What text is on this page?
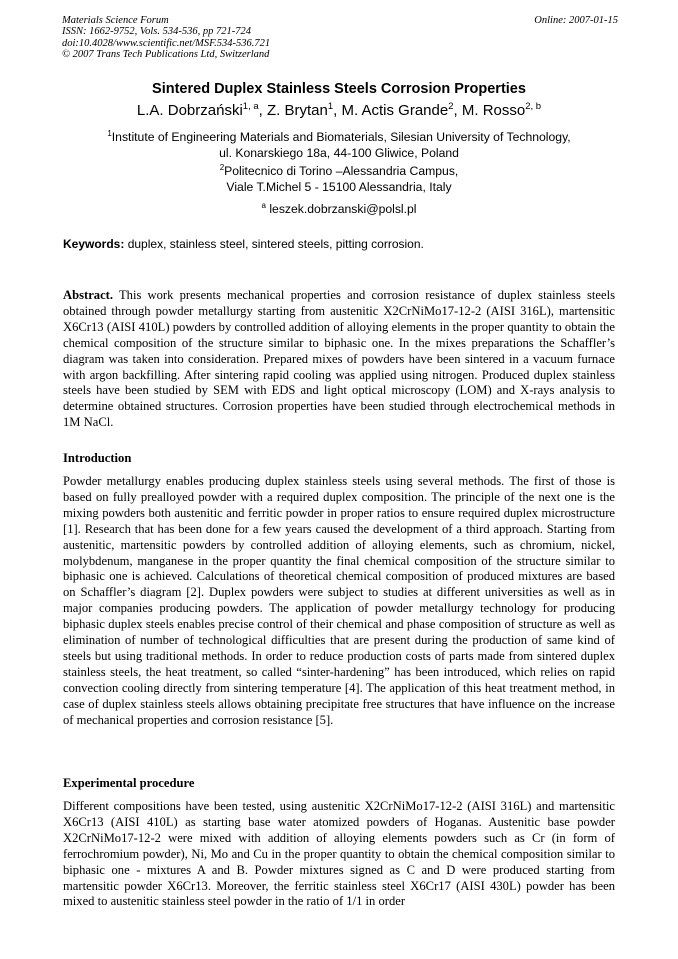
Materials Science Forum
ISSN: 1662-9752, Vols. 534-536, pp 721-724
doi:10.4028/www.scientific.net/MSF.534-536.721
© 2007 Trans Tech Publications Ltd, Switzerland
Online: 2007-01-15
Sintered Duplex Stainless Steels Corrosion Properties
L.A. Dobrzański$^{1, a}$, Z. Brytan$^1$, M. Actis Grande$^2$, M. Rosso$^{2, b}$
$^1$Institute of Engineering Materials and Biomaterials, Silesian University of Technology,
ul. Konarskiego 18a, 44-100 Gliwice, Poland
$^2$Politecnico di Torino –Alessandria Campus,
Viale T.Michel 5 - 15100 Alessandria, Italy
$^a$ leszek.dobrzanski@polsl.pl
Keywords: duplex, stainless steel, sintered steels, pitting corrosion.
Abstract. This work presents mechanical properties and corrosion resistance of duplex stainless steels obtained through powder metallurgy starting from austenitic X2CrNiMo17-12-2 (AISI 316L), martensitic X6Cr13 (AISI 410L) powders by controlled addition of alloying elements in the proper quantity to obtain the chemical composition of the structure similar to biphasic one. In the mixes preparations the Schaffler’s diagram was taken into consideration. Prepared mixes of powders have been sintered in a vacuum furnace with argon backfilling. After sintering rapid cooling was applied using nitrogen. Produced duplex stainless steels have been studied by SEM with EDS and light optical microscopy (LOM) and X-rays analysis to determine obtained structures. Corrosion properties have been studied through electrochemical methods in 1M NaCl.
Introduction
Powder metallurgy enables producing duplex stainless steels using several methods. The first of those is based on fully prealloyed powder with a required duplex composition. The principle of the next one is the mixing powders both austenitic and ferritic powder in proper ratios to ensure required duplex microstructure [1]. Research that has been done for a few years caused the development of a third approach. Starting from austenitic, martensitic powders by controlled addition of alloying elements, such as chromium, nickel, molybdenum, manganese in the proper quantity the final chemical composition of the structure similar to biphasic one is achieved. Calculations of theoretical chemical composition of produced mixtures are based on Schaffler’s diagram [2]. Duplex powders were subject to studies at different universities as well as in major companies producing powders. The application of powder metallurgy technology for producing biphasic duplex steels enables precise control of their chemical and phase composition of structure as well as elimination of number of technological difficulties that are present during the production of same kind of steels but using traditional methods. In order to reduce production costs of parts made from sintered duplex stainless steels, the heat treatment, so called “sinter-hardening” has been introduced, which relies on rapid convection cooling directly from sintering temperature [4]. The application of this heat treatment method, in case of duplex stainless steels allows obtaining precipitate free structures that have influence on the increase of mechanical properties and corrosion resistance [5].
Experimental procedure
Different compositions have been tested, using austenitic X2CrNiMo17-12-2 (AISI 316L) and martensitic X6Cr13 (AISI 410L) as starting base water atomized powders of Hoganas. Austenitic base powder X2CrNiMo17-12-2 were mixed with addition of alloying elements powders such as Cr (in form of ferrochromium powder), Ni, Mo and Cu in the proper quantity to obtain the chemical composition similar to biphasic one - mixtures A and B. Powder mixtures signed as C and D were produced starting from martensitic powder X6Cr13. Moreover, the ferritic stainless steel X6Cr17 (AISI 430L) powder has been mixed to austenitic stainless steel powder in the ratio of 1/1 in order
